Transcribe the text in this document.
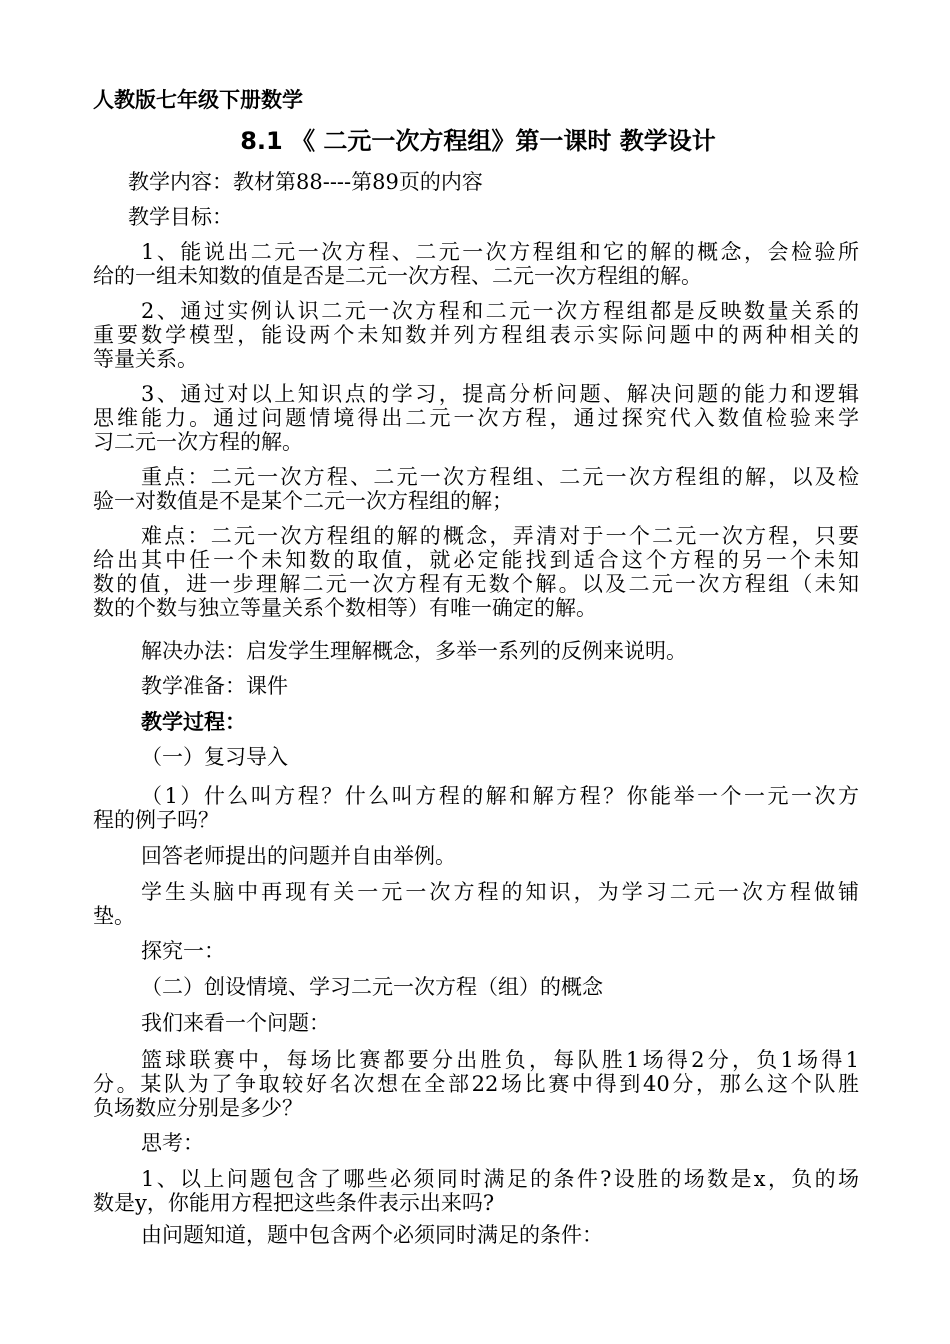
人教版七年级下册数学
8.1 《 二元一次方程组》第一课时 教学设计
教学内容：教材第88----第89页的内容
教学目标：
1、能说出二元一次方程、二元一次方程组和它的解的概念，会检验所
给的一组未知数的值是否是二元一次方程、二元一次方程组的解。
2、通过实例认识二元一次方程和二元一次方程组都是反映数量关系的
重要数学模型，能设两个未知数并列方程组表示实际问题中的两种相关的
等量关系。
3、通过对以上知识点的学习，提高分析问题、解决问题的能力和逻辑
思维能力。通过问题情境得出二元一次方程，通过探究代入数值检验来学
习二元一次方程的解。
重点：二元一次方程、二元一次方程组、二元一次方程组的解，以及检
验一对数值是不是某个二元一次方程组的解；
难点：二元一次方程组的解的概念，弄清对于一个二元一次方程，只要
给出其中任一个未知数的取值，就必定能找到适合这个方程的另一个未知
数的值，进一步理解二元一次方程有无数个解。以及二元一次方程组（未知
数的个数与独立等量关系个数相等）有唯一确定的解。
解决办法：启发学生理解概念，多举一系列的反例来说明。
教学准备：课件
教学过程：
（一）复习导入
（1）什么叫方程？什么叫方程的解和解方程？你能举一个一元一次方
程的例子吗？
回答老师提出的问题并自由举例。
学生头脑中再现有关一元一次方程的知识，为学习二元一次方程做铺
垫。
探究一：
（二）创设情境、学习二元一次方程（组）的概念
我们来看一个问题：
篮球联赛中，每场比赛都要分出胜负，每队胜1场得2分，负1场得1
分。某队为了争取较好名次想在全部22场比赛中得到40分，那么这个队胜
负场数应分别是多少？
思考：
1、以上问题包含了哪些必须同时满足的条件?设胜的场数是x，负的场
数是y，你能用方程把这些条件表示出来吗?
由问题知道，题中包含两个必须同时满足的条件：
